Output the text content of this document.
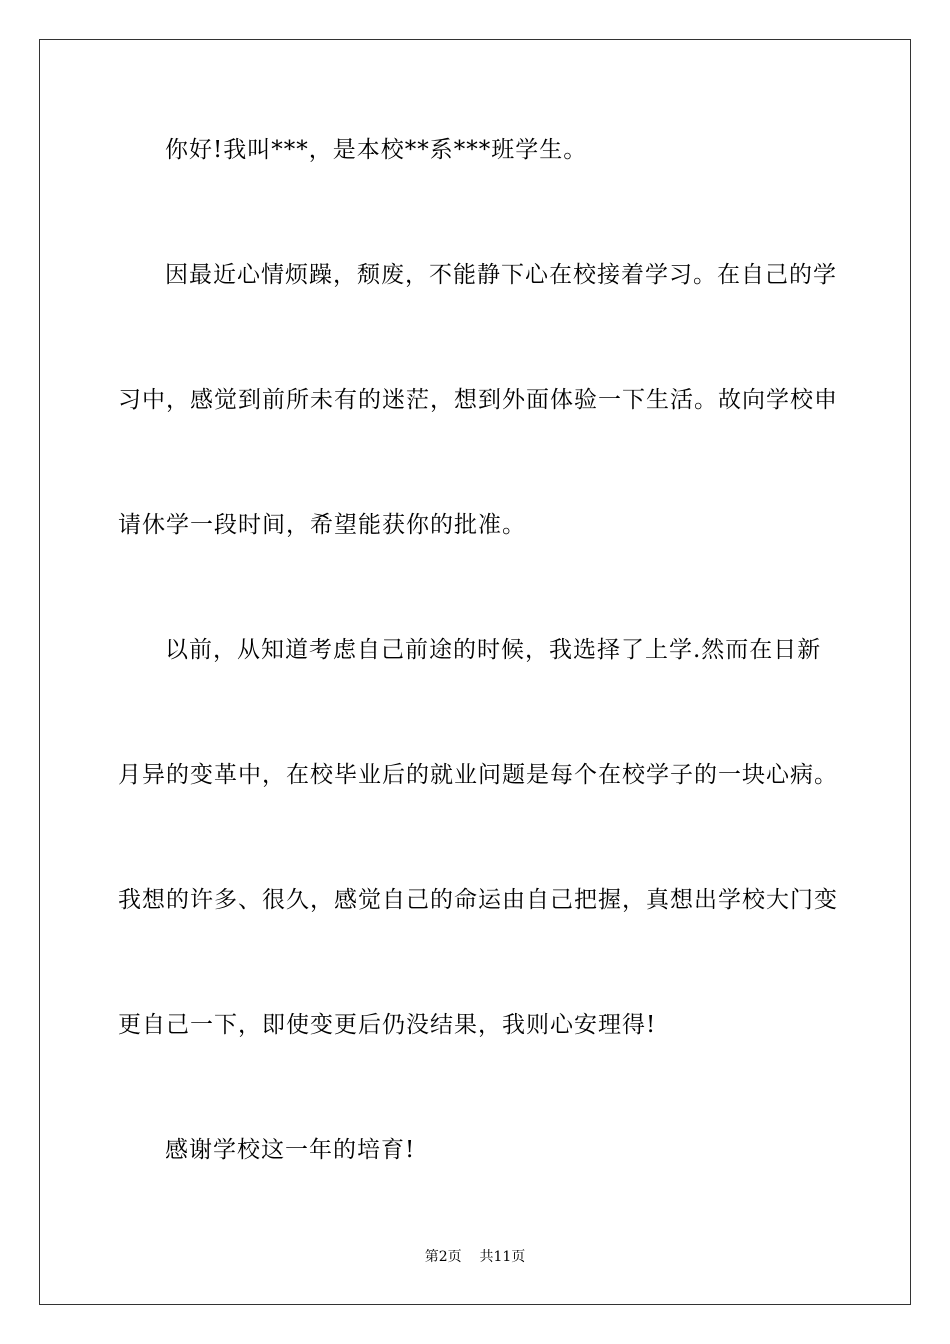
你好!我叫***，是本校**系***班学生。
因最近心情烦躁，颓废，不能静下心在校接着学习。在自己的学
习中，感觉到前所未有的迷茫，想到外面体验一下生活。故向学校申
请休学一段时间，希望能获你的批准。
以前，从知道考虑自己前途的时候，我选择了上学.然而在日新
月异的变革中，在校毕业后的就业问题是每个在校学子的一块心病。
我想的许多、很久，感觉自己的命运由自己把握，真想出学校大门变
更自己一下，即使变更后仍没结果，我则心安理得!
感谢学校这一年的培育!
第2页 共11页
